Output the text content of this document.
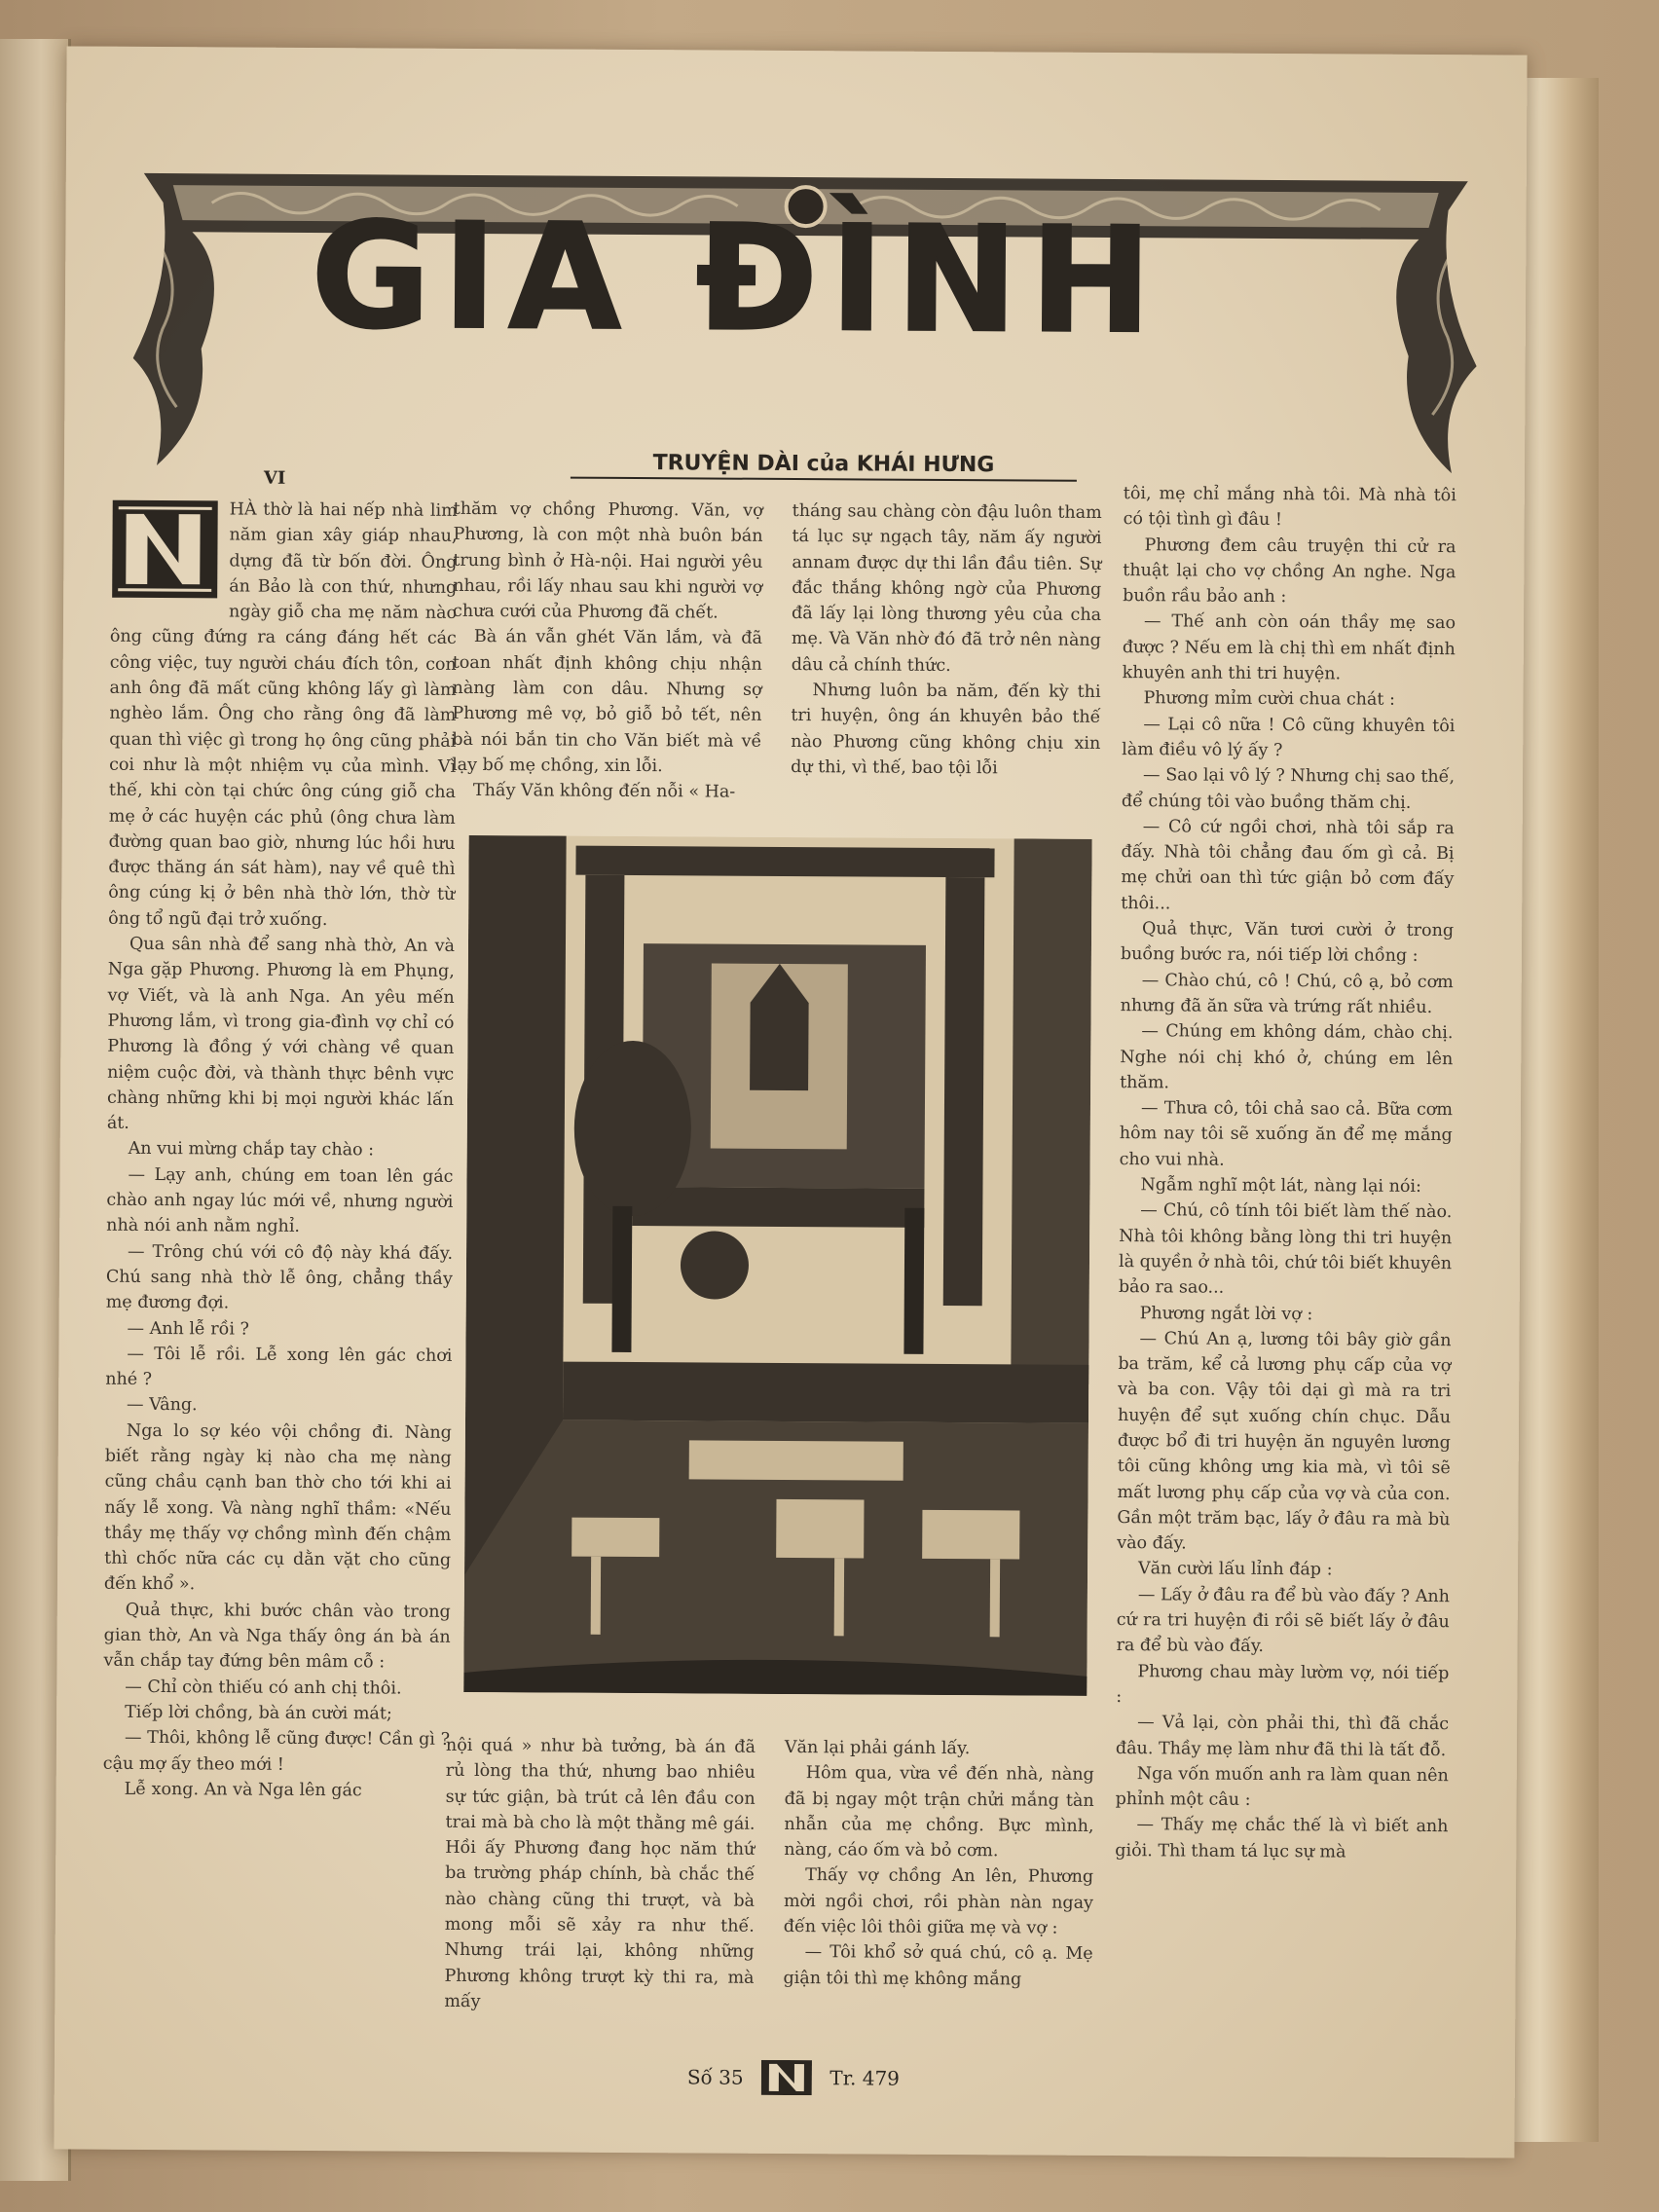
GIA ĐÌNH
TRUYỆN DÀI của KHÁI HƯNG
VI

HÀ thờ là hai nếp nhà lim năm gian xây giáp nhau, dựng đã từ bốn đời. Ông án Bảo là con thứ, nhưng ngày giỗ cha mẹ năm nào ông cũng đứng ra cáng đáng hết các công việc, tuy người cháu đích tôn, con anh ông đã mất cũng không lấy gì làm nghèo lắm. Ông cho rằng ông đã làm quan thì việc gì trong họ ông cũng phải coi như là một nhiệm vụ của mình. Vì thế, khi còn tại chức ông cúng giỗ cha mẹ ở các huyện các phủ (ông chưa làm đường quan bao giờ, nhưng lúc hồi hưu được thăng án sát hàm), nay về quê thì ông cúng kị ở bên nhà thờ lớn, thờ từ ông tổ ngũ đại trở xuống.

Qua sân nhà để sang nhà thờ, An và Nga gặp Phương. Phương là em Phụng, vợ Viết, và là anh Nga. An yêu mến Phương lắm, vì trong gia-đình vợ chỉ có Phương là đồng ý với chàng về quan niệm cuộc đời, và thành thực bênh vực chàng những khi bị mọi người khác lấn át.

An vui mừng chắp tay chào :

— Lạy anh, chúng em toan lên gác chào anh ngay lúc mới về, nhưng người nhà nói anh nằm nghỉ.

— Trông chú với cô độ này khá đấy. Chú sang nhà thờ lễ ông, chẳng thầy mẹ đương đợi.

— Anh lễ rồi ?

— Tôi lễ rồi. Lễ xong lên gác chơi nhé ?

— Vâng.

Nga lo sợ kéo vội chồng đi. Nàng biết rằng ngày kị nào cha mẹ nàng cũng chầu cạnh ban thờ cho tới khi ai nấy lễ xong. Và nàng nghĩ thầm: «Nếu thầy mẹ thấy vợ chồng mình đến chậm thì chốc nữa các cụ dằn vặt cho cũng đến khổ ».

Quả thực, khi bước chân vào trong gian thờ, An và Nga thấy ông án bà án vẫn chắp tay đứng bên mâm cỗ :

— Chỉ còn thiếu có anh chị thôi.

Tiếp lời chồng, bà án cười mát;

— Thôi, không lễ cũng được! Cần gì ? cậu mợ ấy theo mới !

Lễ xong. An và Nga lên gác

thăm vợ chồng Phương. Văn, vợ Phương, là con một nhà buôn bán trung bình ở Hà-nội. Hai người yêu nhau, rồi lấy nhau sau khi người vợ chưa cưới của Phương đã chết.

Bà án vẫn ghét Văn lắm, và đã toan nhất định không chịu nhận nàng làm con dâu. Nhưng sợ Phương mê vợ, bỏ giỗ bỏ tết, nên bà nói bắn tin cho Văn biết mà về lạy bố mẹ chồng, xin lỗi.

Thấy Văn không đến nỗi « Ha-

tháng sau chàng còn đậu luôn tham tá lục sự ngạch tây, năm ấy người annam được dự thi lần đầu tiên. Sự đắc thắng không ngờ của Phương đã lấy lại lòng thương yêu của cha mẹ. Và Văn nhờ đó đã trở nên nàng dâu cả chính thức.

Nhưng luôn ba năm, đến kỳ thi tri huyện, ông án khuyên bảo thế nào Phương cũng không chịu xin dự thi, vì thế, bao tội lỗi

nội quá » như bà tưởng, bà án đã rủ lòng tha thứ, nhưng bao nhiêu sự tức giận, bà trút cả lên đầu con trai mà bà cho là một thằng mê gái. Hồi ấy Phương đang học năm thứ ba trường pháp chính, bà chắc thế nào chàng cũng thi trượt, và bà mong mỗi sẽ xảy ra như thế. Nhưng trái lại, không những Phương không trượt kỳ thi ra, mà mấy

Văn lại phải gánh lấy.

Hôm qua, vừa về đến nhà, nàng đã bị ngay một trận chửi mắng tàn nhẫn của mẹ chồng. Bực mình, nàng, cáo ốm và bỏ cơm.

Thấy vợ chồng An lên, Phương mời ngồi chơi, rồi phàn nàn ngay đến việc lôi thôi giữa mẹ và vợ :

— Tôi khổ sở quá chú, cô ạ. Mẹ giận tôi thì mẹ không mắng

tôi, mẹ chỉ mắng nhà tôi. Mà nhà tôi có tội tình gì đâu !

Phương đem câu truyện thi cử ra thuật lại cho vợ chồng An nghe. Nga buồn rầu bảo anh :

— Thế anh còn oán thầy mẹ sao được ? Nếu em là chị thì em nhất định khuyên anh thi tri huyện.

Phương mỉm cười chua chát :

— Lại cô nữa ! Cô cũng khuyên tôi làm điều vô lý ấy ?

— Sao lại vô lý ? Nhưng chị sao thế, để chúng tôi vào buồng thăm chị.

— Cô cứ ngồi chơi, nhà tôi sắp ra đấy. Nhà tôi chẳng đau ốm gì cả. Bị mẹ chửi oan thì tức giận bỏ cơm đấy thôi...

Quả thực, Văn tươi cười ở trong buồng bước ra, nói tiếp lời chồng :

— Chào chú, cô ! Chú, cô ạ, bỏ cơm nhưng đã ăn sữa và trứng rất nhiều.

— Chúng em không dám, chào chị. Nghe nói chị khó ở, chúng em lên thăm.

— Thưa cô, tôi chả sao cả. Bữa cơm hôm nay tôi sẽ xuống ăn để mẹ mắng cho vui nhà.

Ngẫm nghĩ một lát, nàng lại nói:

— Chú, cô tính tôi biết làm thế nào. Nhà tôi không bằng lòng thi tri huyện là quyền ở nhà tôi, chứ tôi biết khuyên bảo ra sao...

Phương ngắt lời vợ :

— Chú An ạ, lương tôi bây giờ gần ba trăm, kể cả lương phụ cấp của vợ và ba con. Vậy tôi dại gì mà ra tri huyện để sụt xuống chín chục. Dẫu được bổ đi tri huyện ăn nguyên lương tôi cũng không ưng kia mà, vì tôi sẽ mất lương phụ cấp của vợ và của con. Gần một trăm bạc, lấy ở đâu ra mà bù vào đấy.

Văn cười lấu lỉnh đáp :

— Lấy ở đâu ra để bù vào đấy ? Anh cứ ra tri huyện đi rồi sẽ biết lấy ở đâu ra để bù vào đấy.

Phương chau mày lườm vợ, nói tiếp :

— Vả lại, còn phải thi, thì đã chắc đâu. Thầy mẹ làm như đã thi là tất đỗ.

Nga vốn muốn anh ra làm quan nên phỉnh một câu :

— Thấy mẹ chắc thế là vì biết anh giỏi. Thì tham tá lục sự mà

Số 35	Tr. 479
